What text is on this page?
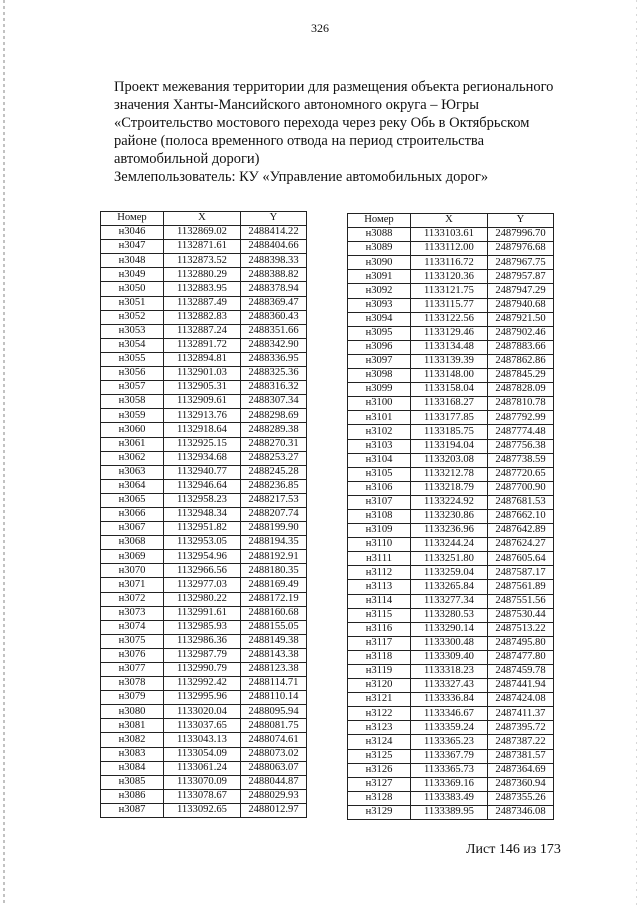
326
Проект межевания территории для размещения объекта регионального
значения Ханты-Мансийского автономного округа – Югры
«Строительство мостового перехода через реку Обь в Октябрьском
районе (полоса временного отвода на период строительства
автомобильной дороги)
Землепользователь: КУ «Управление автомобильных дорог»
Номер	X	Y
н3046	1132869.02	2488414.22
н3047	1132871.61	2488404.66
н3048	1132873.52	2488398.33
н3049	1132880.29	2488388.82
н3050	1132883.95	2488378.94
н3051	1132887.49	2488369.47
н3052	1132882.83	2488360.43
н3053	1132887.24	2488351.66
н3054	1132891.72	2488342.90
н3055	1132894.81	2488336.95
н3056	1132901.03	2488325.36
н3057	1132905.31	2488316.32
н3058	1132909.61	2488307.34
н3059	1132913.76	2488298.69
н3060	1132918.64	2488289.38
н3061	1132925.15	2488270.31
н3062	1132934.68	2488253.27
н3063	1132940.77	2488245.28
н3064	1132946.64	2488236.85
н3065	1132958.23	2488217.53
н3066	1132948.34	2488207.74
н3067	1132951.82	2488199.90
н3068	1132953.05	2488194.35
н3069	1132954.96	2488192.91
н3070	1132966.56	2488180.35
н3071	1132977.03	2488169.49
н3072	1132980.22	2488172.19
н3073	1132991.61	2488160.68
н3074	1132985.93	2488155.05
н3075	1132986.36	2488149.38
н3076	1132987.79	2488143.38
н3077	1132990.79	2488123.38
н3078	1132992.42	2488114.71
н3079	1132995.96	2488110.14
н3080	1133020.04	2488095.94
н3081	1133037.65	2488081.75
н3082	1133043.13	2488074.61
н3083	1133054.09	2488073.02
н3084	1133061.24	2488063.07
н3085	1133070.09	2488044.87
н3086	1133078.67	2488029.93
н3087	1133092.65	2488012.97
Номер	X	Y
н3088	1133103.61	2487996.70
н3089	1133112.00	2487976.68
н3090	1133116.72	2487967.75
н3091	1133120.36	2487957.87
н3092	1133121.75	2487947.29
н3093	1133115.77	2487940.68
н3094	1133122.56	2487921.50
н3095	1133129.46	2487902.46
н3096	1133134.48	2487883.66
н3097	1133139.39	2487862.86
н3098	1133148.00	2487845.29
н3099	1133158.04	2487828.09
н3100	1133168.27	2487810.78
н3101	1133177.85	2487792.99
н3102	1133185.75	2487774.48
н3103	1133194.04	2487756.38
н3104	1133203.08	2487738.59
н3105	1133212.78	2487720.65
н3106	1133218.79	2487700.90
н3107	1133224.92	2487681.53
н3108	1133230.86	2487662.10
н3109	1133236.96	2487642.89
н3110	1133244.24	2487624.27
н3111	1133251.80	2487605.64
н3112	1133259.04	2487587.17
н3113	1133265.84	2487561.89
н3114	1133277.34	2487551.56
н3115	1133280.53	2487530.44
н3116	1133290.14	2487513.22
н3117	1133300.48	2487495.80
н3118	1133309.40	2487477.80
н3119	1133318.23	2487459.78
н3120	1133327.43	2487441.94
н3121	1133336.84	2487424.08
н3122	1133346.67	2487411.37
н3123	1133359.24	2487395.72
н3124	1133365.23	2487387.22
н3125	1133367.79	2487381.57
н3126	1133365.73	2487364.69
н3127	1133369.16	2487360.94
н3128	1133383.49	2487355.26
н3129	1133389.95	2487346.08
Лист 146 из 173
